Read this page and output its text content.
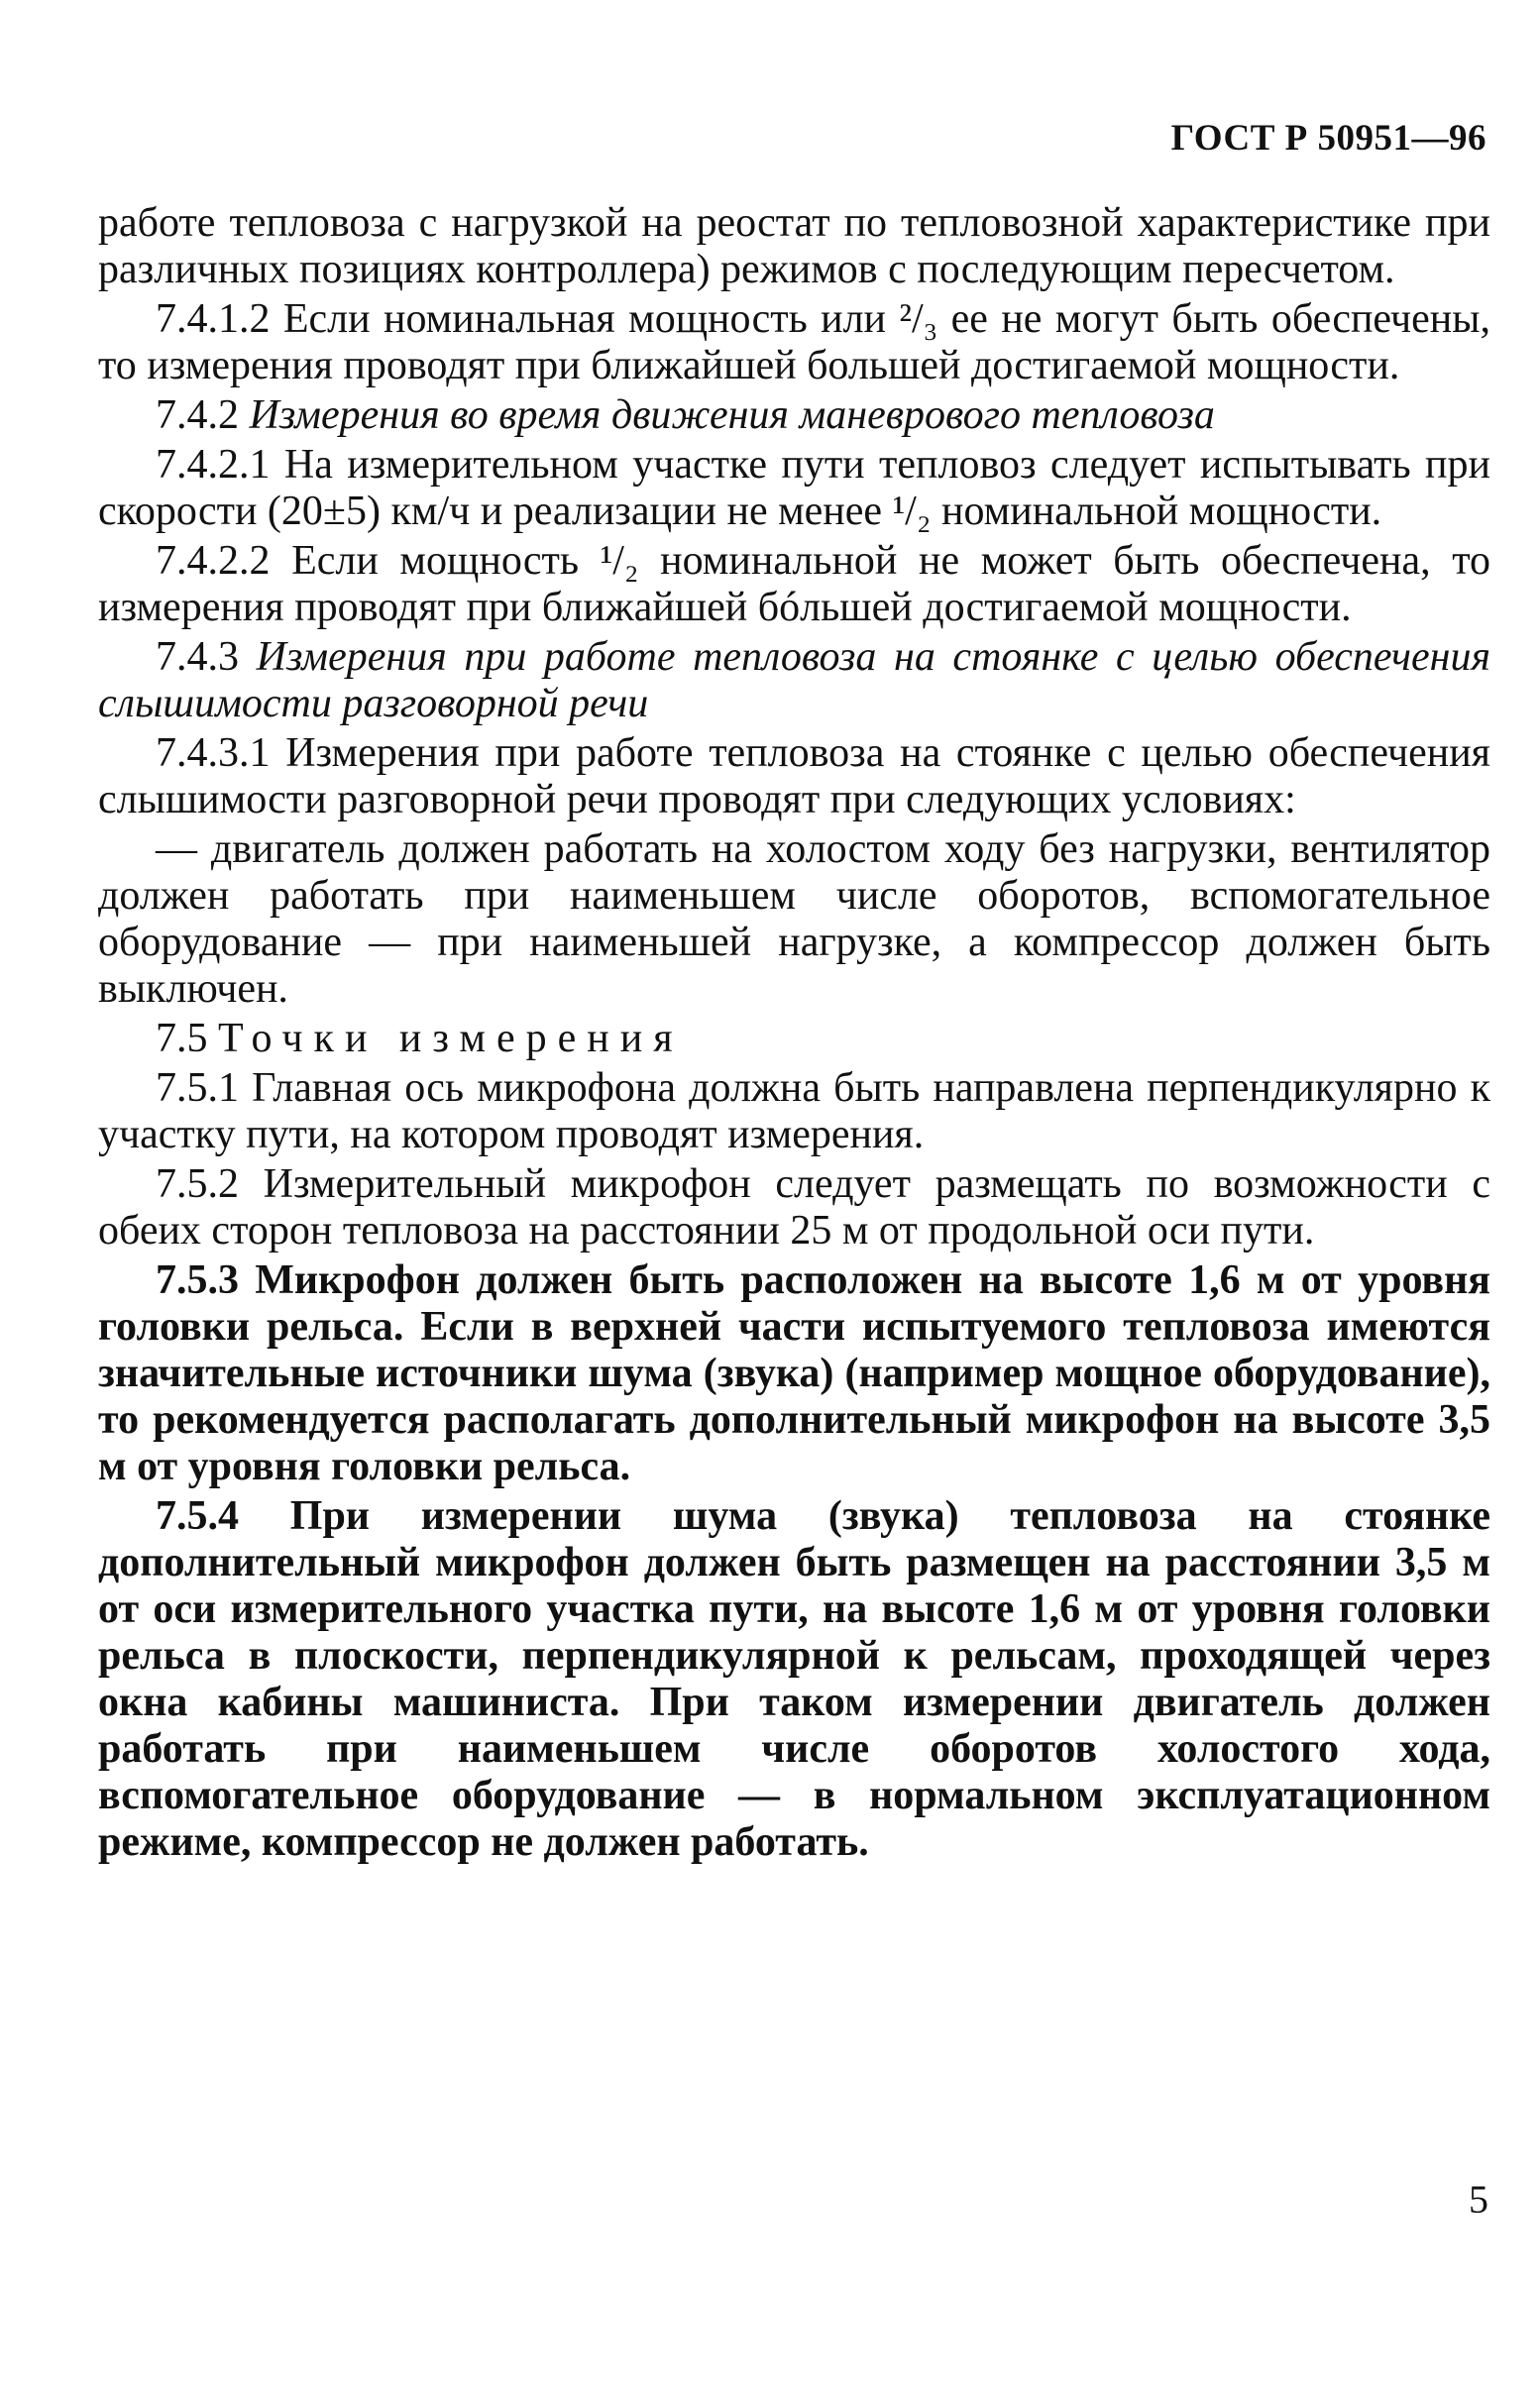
ГОСТ Р 50951—96

работе тепловоза с нагрузкой на реостат по тепловозной характеристике при различных позициях контроллера) режимов с последующим пересчетом.

7.4.1.2 Если номинальная мощность или ²/₃ ее не могут быть обеспечены, то измерения проводят при ближайшей большей достигаемой мощности.

7.4.2 Измерения во время движения маневрового тепловоза

7.4.2.1 На измерительном участке пути тепловоз следует испытывать при скорости (20±5) км/ч и реализации не менее ¹/₂ номинальной мощности.

7.4.2.2 Если мощность ¹/₂ номинальной не может быть обеспечена, то измерения проводят при ближайшей бóльшей достигаемой мощности.

7.4.3 Измерения при работе тепловоза на стоянке с целью обеспечения слышимости разговорной речи

7.4.3.1 Измерения при работе тепловоза на стоянке с целью обеспечения слышимости разговорной речи проводят при следующих условиях:

— двигатель должен работать на холостом ходу без нагрузки, вентилятор должен работать при наименьшем числе оборотов, вспомогательное оборудование — при наименьшей нагрузке, а компрессор должен быть выключен.

7.5 Точки измерения

7.5.1 Главная ось микрофона должна быть направлена перпендикулярно к участку пути, на котором проводят измерения.

7.5.2 Измерительный микрофон следует размещать по возможности с обеих сторон тепловоза на расстоянии 25 м от продольной оси пути.

7.5.3 Микрофон должен быть расположен на высоте 1,6 м от уровня головки рельса. Если в верхней части испытуемого тепловоза имеются значительные источники шума (звука) (например мощное оборудование), то рекомендуется располагать дополнительный микрофон на высоте 3,5 м от уровня головки рельса.

7.5.4 При измерении шума (звука) тепловоза на стоянке дополнительный микрофон должен быть размещен на расстоянии 3,5 м от оси измерительного участка пути, на высоте 1,6 м от уровня головки рельса в плоскости, перпендикулярной к рельсам, проходящей через окна кабины машиниста. При таком измерении двигатель должен работать при наименьшем числе оборотов холостого хода, вспомогательное оборудование — в нормальном эксплуатационном режиме, компрессор не должен работать.

5
